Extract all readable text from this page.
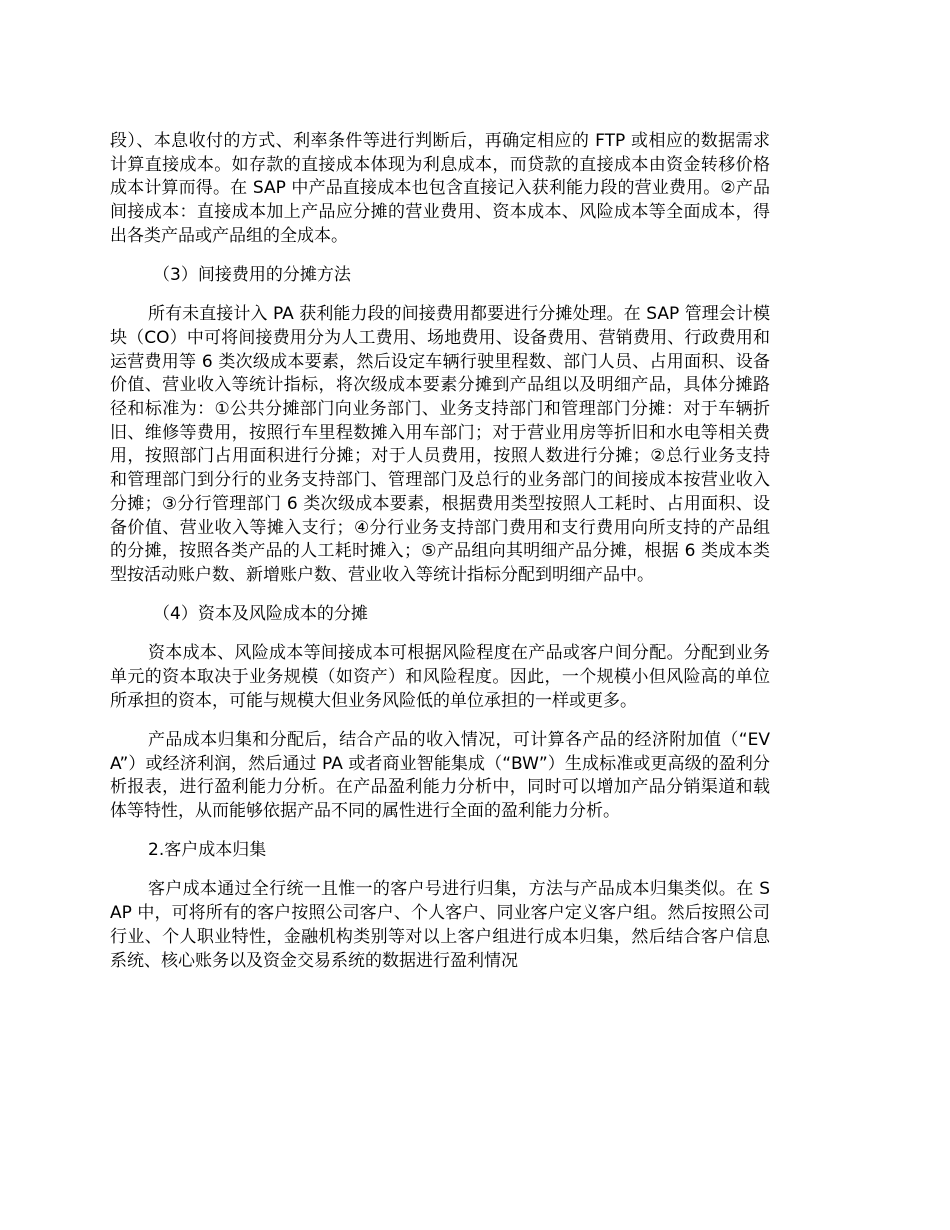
段）、本息收付的方式、利率条件等进行判断后，再确定相应的 FTP 或相应的数据需求计算直接成本。如存款的直接成本体现为利息成本，而贷款的直接成本由资金转移价格成本计算而得。在 SAP 中产品直接成本也包含直接记入获利能力段的营业费用。②产品间接成本：直接成本加上产品应分摊的营业费用、资本成本、风险成本等全面成本，得出各类产品或产品组的全成本。

（3）间接费用的分摊方法

所有未直接计入 PA 获利能力段的间接费用都要进行分摊处理。在 SAP 管理会计模块（CO）中可将间接费用分为人工费用、场地费用、设备费用、营销费用、行政费用和运营费用等 6 类次级成本要素，然后设定车辆行驶里程数、部门人员、占用面积、设备价值、营业收入等统计指标，将次级成本要素分摊到产品组以及明细产品，具体分摊路径和标准为：①公共分摊部门向业务部门、业务支持部门和管理部门分摊：对于车辆折旧、维修等费用，按照行车里程数摊入用车部门；对于营业用房等折旧和水电等相关费用，按照部门占用面积进行分摊；对于人员费用，按照人数进行分摊；②总行业务支持和管理部门到分行的业务支持部门、管理部门及总行的业务部门的间接成本按营业收入分摊；③分行管理部门 6 类次级成本要素，根据费用类型按照人工耗时、占用面积、设备价值、营业收入等摊入支行；④分行业务支持部门费用和支行费用向所支持的产品组的分摊，按照各类产品的人工耗时摊入；⑤产品组向其明细产品分摊，根据 6 类成本类型按活动账户数、新增账户数、营业收入等统计指标分配到明细产品中。

（4）资本及风险成本的分摊

资本成本、风险成本等间接成本可根据风险程度在产品或客户间分配。分配到业务单元的资本取决于业务规模（如资产）和风险程度。因此，一个规模小但风险高的单位所承担的资本，可能与规模大但业务风险低的单位承担的一样或更多。

产品成本归集和分配后，结合产品的收入情况，可计算各产品的经济附加值（“EVA”）或经济利润，然后通过 PA 或者商业智能集成（“BW”）生成标准或更高级的盈利分析报表，进行盈利能力分析。在产品盈利能力分析中，同时可以增加产品分销渠道和载体等特性，从而能够依据产品不同的属性进行全面的盈利能力分析。

2.客户成本归集

客户成本通过全行统一且惟一的客户号进行归集，方法与产品成本归集类似。在 SAP 中，可将所有的客户按照公司客户、个人客户、同业客户定义客户组。然后按照公司行业、个人职业特性，金融机构类别等对以上客户组进行成本归集，然后结合客户信息系统、核心账务以及资金交易系统的数据进行盈利情况
